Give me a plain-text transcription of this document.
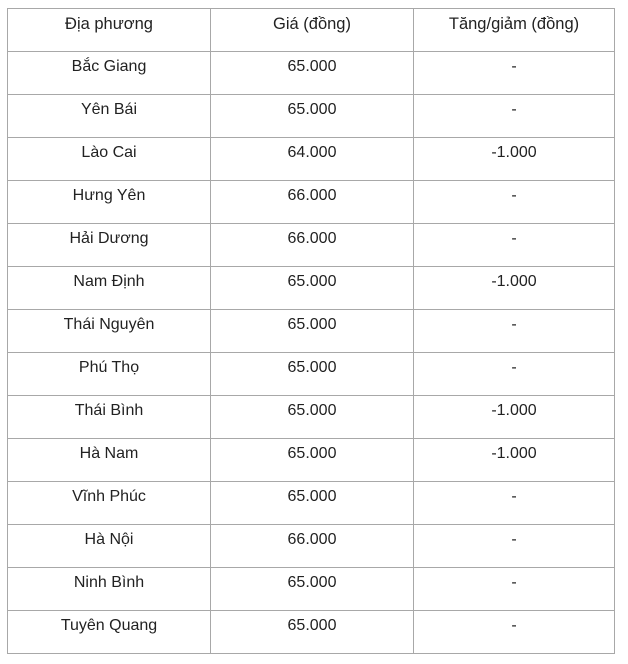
Địa phương	Giá (đồng)	Tăng/giảm (đồng)

Bắc Giang	65.000	-

Yên Bái	65.000	-

Lào Cai	64.000	-1.000

Hưng Yên	66.000	-

Hải Dương	66.000	-

Nam Định	65.000	-1.000

Thái Nguyên	65.000	-

Phú Thọ	65.000	-

Thái Bình	65.000	-1.000

Hà Nam	65.000	-1.000

Vĩnh Phúc	65.000	-

Hà Nội	66.000	-

Ninh Bình	65.000	-

Tuyên Quang	65.000	-
